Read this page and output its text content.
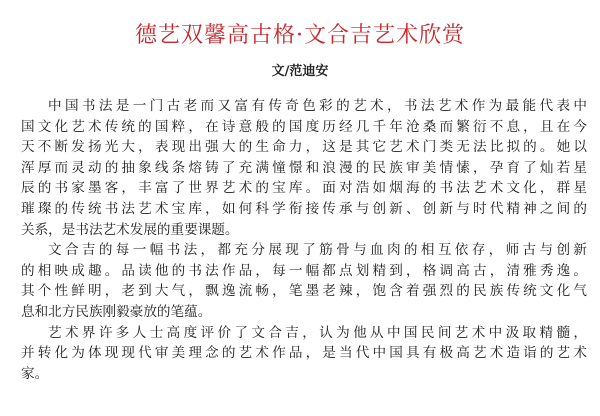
德艺双馨高古格·文合吉艺术欣赏
文/范迪安
中国书法是一门古老而又富有传奇色彩的艺术，书法艺术作为最能代表中
国文化艺术传统的国粹，在诗意般的国度历经几千年沧桑而繁衍不息，且在今
天不断发扬光大，表现出强大的生命力，这是其它艺术门类无法比拟的。她以
浑厚而灵动的抽象线条熔铸了充满憧憬和浪漫的民族审美情愫，孕育了灿若星
辰的书家墨客，丰富了世界艺术的宝库。面对浩如烟海的书法艺术文化，群星
璀璨的传统书法艺术宝库，如何科学衔接传承与创新、创新与时代精神之间的
关系，是书法艺术发展的重要课题。
文合吉的每一幅书法，都充分展现了筋骨与血肉的相互依存，师古与创新
的相映成趣。品读他的书法作品，每一幅都点划精到，格调高古，清雅秀逸。
其个性鲜明，老到大气，飘逸流畅，笔墨老辣，饱含着强烈的民族传统文化气
息和北方民族刚毅豪放的笔蕴。
艺术界许多人士高度评价了文合吉，认为他从中国民间艺术中汲取精髓，
并转化为体现现代审美理念的艺术作品，是当代中国具有极高艺术造诣的艺术
家。
